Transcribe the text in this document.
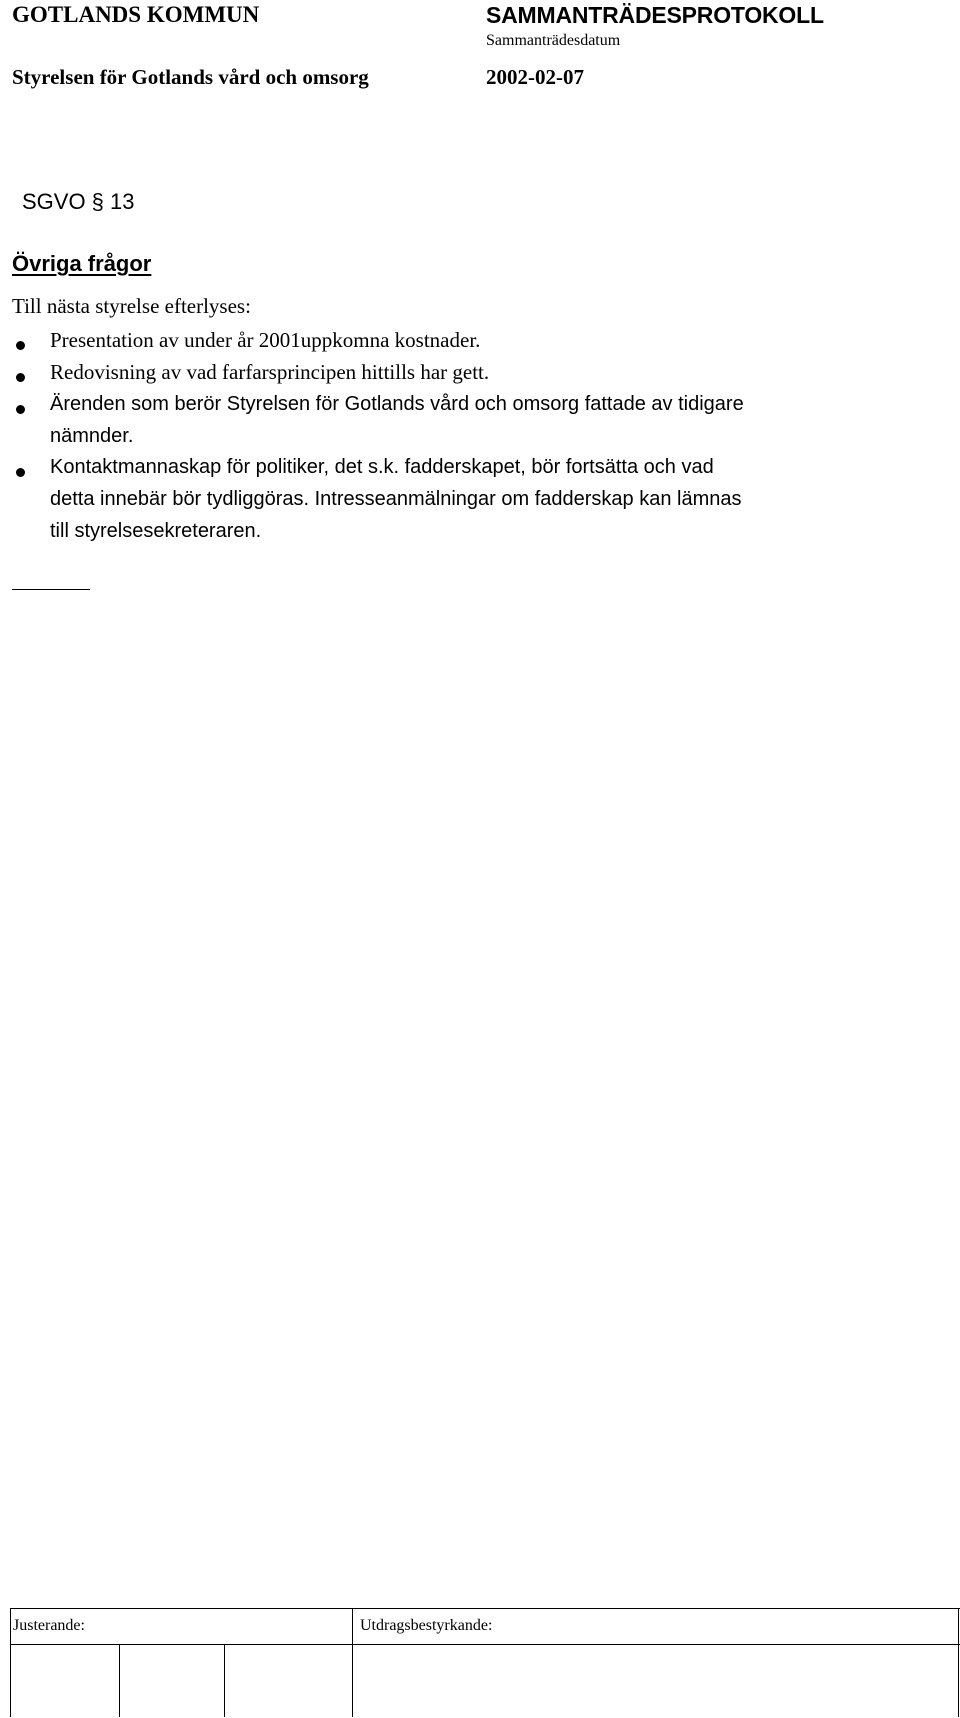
GOTLANDS KOMMUN	SAMMANTRÄDESPROTOKOLL
Sammanträdesdatum
Styrelsen för Gotlands vård och omsorg	2002-02-07
SGVO § 13
Övriga frågor
Till nästa styrelse efterlyses:
Presentation av under år 2001uppkomna kostnader.
Redovisning av vad farfarsprincipen hittills har gett.
Ärenden som berör Styrelsen för Gotlands vård och omsorg fattade av tidigare
nämnder.
Kontaktmannaskap för politiker, det s.k. fadderskapet, bör fortsätta och vad
detta innebär bör tydliggöras. Intresseanmälningar om fadderskap kan lämnas
till styrelsesekreteraren.
Justerande:	Utdragsbestyrkande:
